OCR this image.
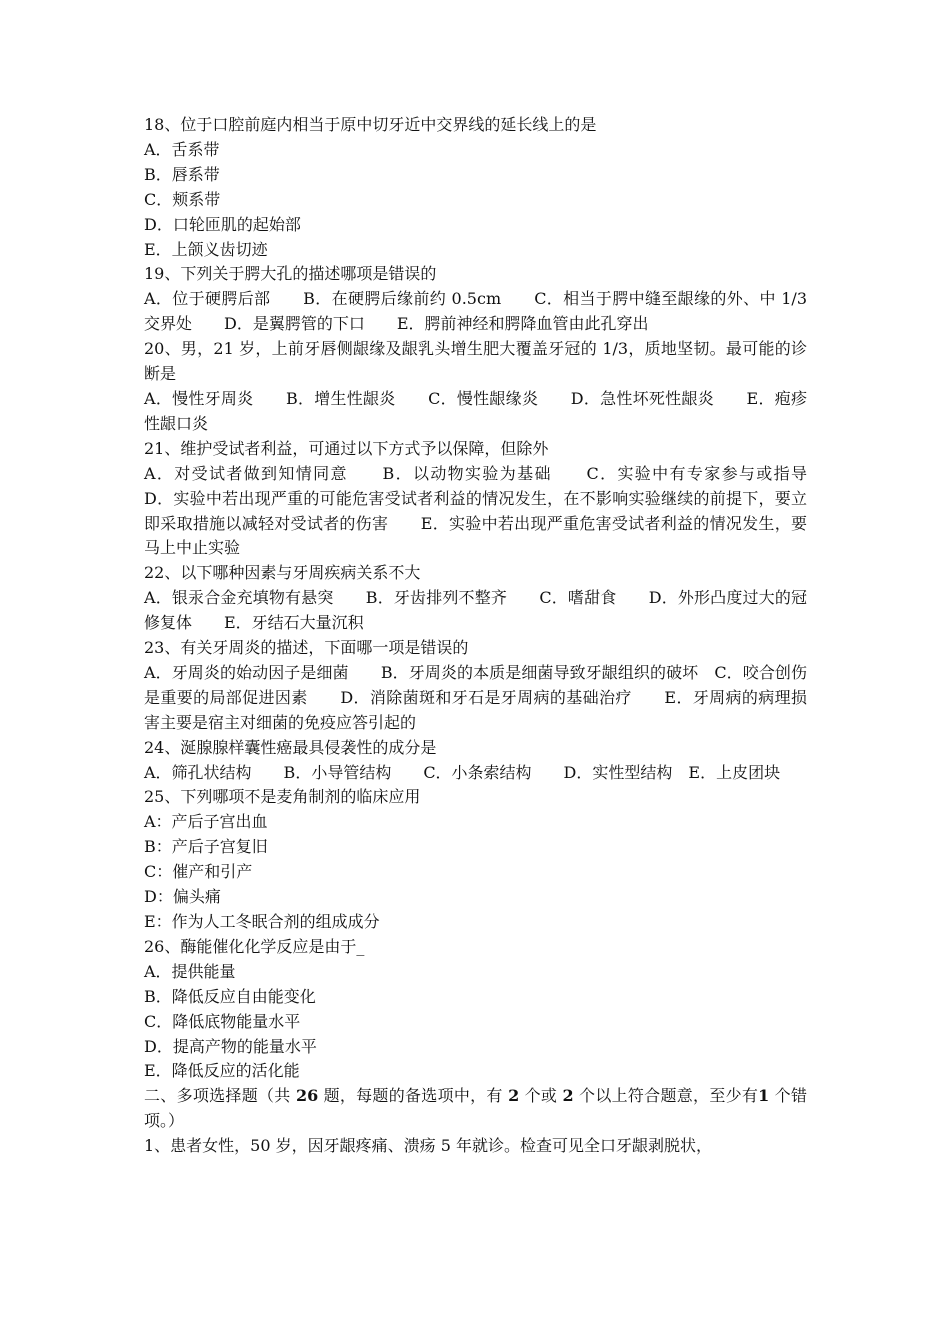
18、位于口腔前庭内相当于原中切牙近中交界线的延长线上的是
A．舌系带
B．唇系带
C．颊系带
D．口轮匝肌的起始部
E．上颌义齿切迹
19、下列关于腭大孔的描述哪项是错误的
A．位于硬腭后部　　B．在硬腭后缘前约 0.5cm　　C．相当于腭中缝至龈缘的外、中 1/3 交界处　　D．是翼腭管的下口　　E．腭前神经和腭降血管由此孔穿出
20、男，21 岁，上前牙唇侧龈缘及龈乳头增生肥大覆盖牙冠的 1/3，质地坚韧。最可能的诊断是
A．慢性牙周炎　　B．增生性龈炎　　C．慢性龈缘炎　　D．急性坏死性龈炎　　E．疱疹性龈口炎
21、维护受试者利益，可通过以下方式予以保障，但除外
A．对受试者做到知情同意　　B．以动物实验为基础　　C．实验中有专家参与或指导　　D．实验中若出现严重的可能危害受试者利益的情况发生，在不影响实验继续的前提下，要立即采取措施以减轻对受试者的伤害　　E．实验中若出现严重危害受试者利益的情况发生，要马上中止实验
22、以下哪种因素与牙周疾病关系不大
A．银汞合金充填物有悬突　　B．牙齿排列不整齐　　C．嗜甜食　　D．外形凸度过大的冠修复体　　E．牙结石大量沉积
23、有关牙周炎的描述，下面哪一项是错误的
A．牙周炎的始动因子是细菌　　B．牙周炎的本质是细菌导致牙龈组织的破坏　C．咬合创伤是重要的局部促进因素　　D．消除菌斑和牙石是牙周病的基础治疗　　E．牙周病的病理损害主要是宿主对细菌的免疫应答引起的
24、涎腺腺样囊性癌最具侵袭性的成分是
A．筛孔状结构　　B．小导管结构　　C．小条索结构　　D．实性型结构　E．上皮团块
25、下列哪项不是麦角制剂的临床应用
A：产后子宫出血
B：产后子宫复旧
C：催产和引产
D：偏头痛
E：作为人工冬眠合剂的组成成分
26、酶能催化化学反应是由于_
A．提供能量
B．降低反应自由能变化
C．降低底物能量水平
D．提高产物的能量水平
E．降低反应的活化能
二、多项选择题（共 26 题，每题的备选项中，有 2 个或 2 个以上符合题意，至少有1 个错项。）
1、患者女性，50 岁，因牙龈疼痛、溃疡 5 年就诊。检查可见全口牙龈剥脱状，
